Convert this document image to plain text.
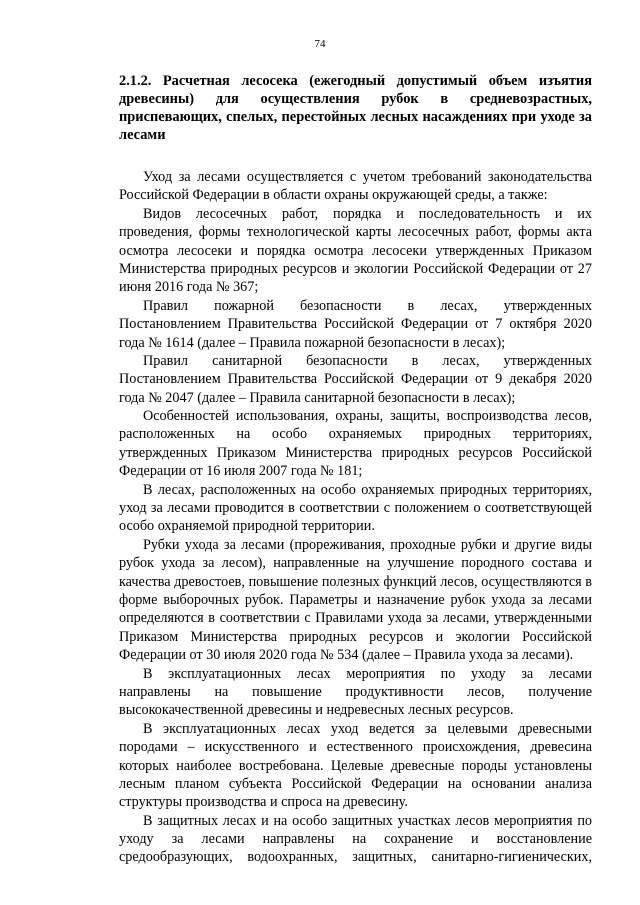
74
2.1.2. Расчетная лесосека (ежегодный допустимый объем изъятия
древесины) для осуществления рубок в средневозрастных,
приспевающих, спелых, перестойных лесных насаждениях при уходе за
лесами
Уход за лесами осуществляется с учетом требований законодательства
Российской Федерации в области охраны окружающей среды, а также:
Видов лесосечных работ, порядка и последовательность и их
проведения, формы технологической карты лесосечных работ, формы акта
осмотра лесосеки и порядка осмотра лесосеки утвержденных Приказом
Министерства природных ресурсов и экологии Российской Федерации от 27
июня 2016 года № 367;
Правил пожарной безопасности в лесах, утвержденных
Постановлением Правительства Российской Федерации от 7 октября 2020
года № 1614 (далее – Правила пожарной безопасности в лесах);
Правил санитарной безопасности в лесах, утвержденных
Постановлением Правительства Российской Федерации от 9 декабря 2020
года № 2047 (далее – Правила санитарной безопасности в лесах);
Особенностей использования, охраны, защиты, воспроизводства лесов,
расположенных на особо охраняемых природных территориях,
утвержденных Приказом Министерства природных ресурсов Российской
Федерации от 16 июля 2007 года № 181;
В лесах, расположенных на особо охраняемых природных территориях,
уход за лесами проводится в соответствии с положением о соответствующей
особо охраняемой природной территории.
Рубки ухода за лесами (прореживания, проходные рубки и другие виды
рубок ухода за лесом), направленные на улучшение породного состава и
качества древостоев, повышение полезных функций лесов, осуществляются в
форме выборочных рубок. Параметры и назначение рубок ухода за лесами
определяются в соответствии с Правилами ухода за лесами, утвержденными
Приказом Министерства природных ресурсов и экологии Российской
Федерации от 30 июля 2020 года № 534 (далее – Правила ухода за лесами).
В эксплуатационных лесах мероприятия по уходу за лесами
направлены на повышение продуктивности лесов, получение
высококачественной древесины и недревесных лесных ресурсов.
В эксплуатационных лесах уход ведется за целевыми древесными
породами – искусственного и естественного происхождения, древесина
которых наиболее востребована. Целевые древесные породы установлены
лесным планом субъекта Российской Федерации на основании анализа
структуры производства и спроса на древесину.
В защитных лесах и на особо защитных участках лесов мероприятия по
уходу за лесами направлены на сохранение и восстановление
средообразующих, водоохранных, защитных, санитарно-гигиенических,
